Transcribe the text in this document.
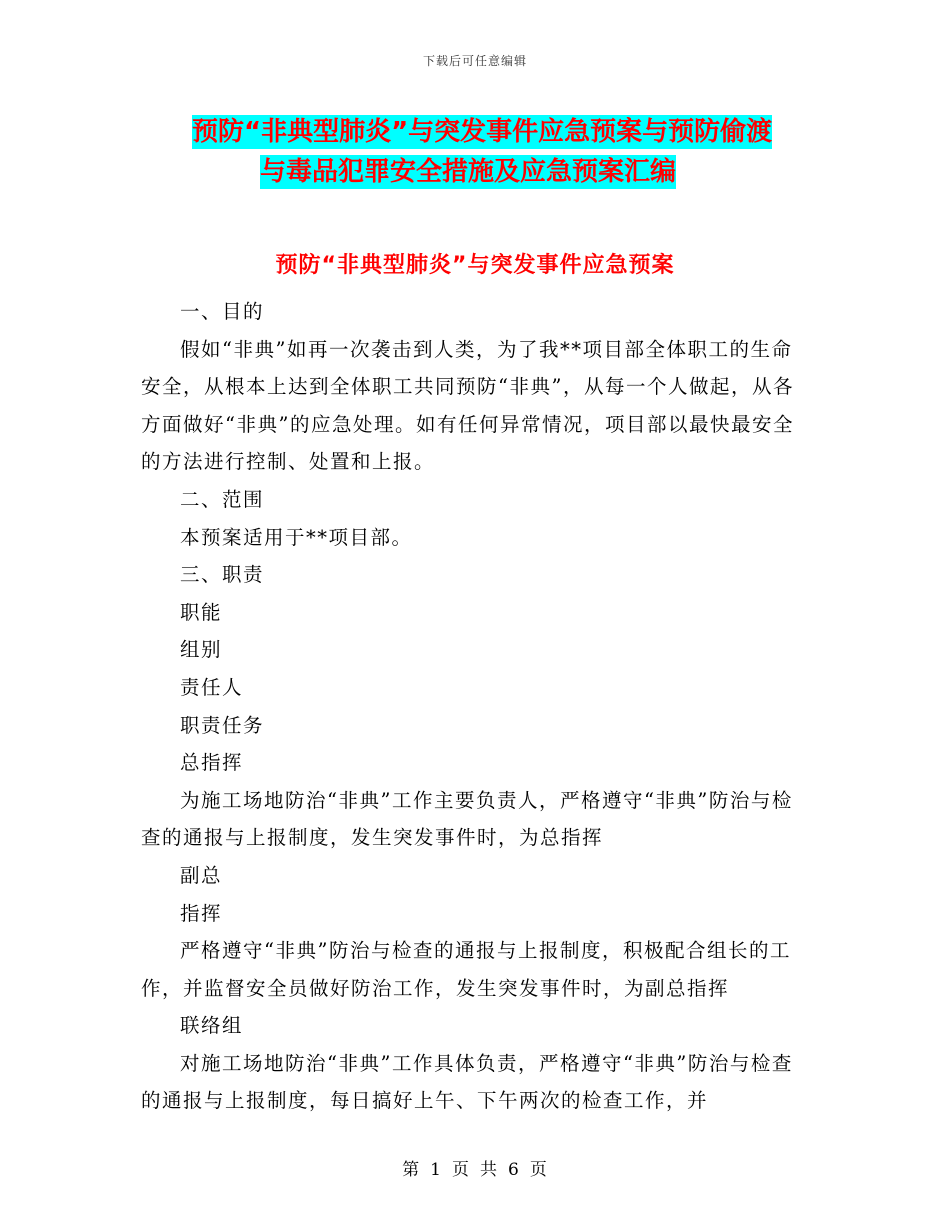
下载后可任意编辑
预防“非典型肺炎”与突发事件应急预案与预防偷渡
与毒品犯罪安全措施及应急预案汇编
预防“非典型肺炎”与突发事件应急预案

一、目的

假如“非典”如再一次袭击到人类，为了我**项目部全体职工的生命安全，从根本上达到全体职工共同预防“非典”，从每一个人做起，从各方面做好“非典”的应急处理。如有任何异常情况，项目部以最快最安全的方法进行控制、处置和上报。

二、范围

本预案适用于**项目部。

三、职责

职能

组别

责任人

职责任务

总指挥

为施工场地防治“非典”工作主要负责人，严格遵守“非典”防治与检查的通报与上报制度，发生突发事件时，为总指挥

副总

指挥

严格遵守“非典”防治与检查的通报与上报制度，积极配合组长的工作，并监督安全员做好防治工作，发生突发事件时，为副总指挥

联络组

对施工场地防治“非典”工作具体负责，严格遵守“非典”防治与检查的通报与上报制度，每日搞好上午、下午两次的检查工作，并

第 1 页 共 6 页
